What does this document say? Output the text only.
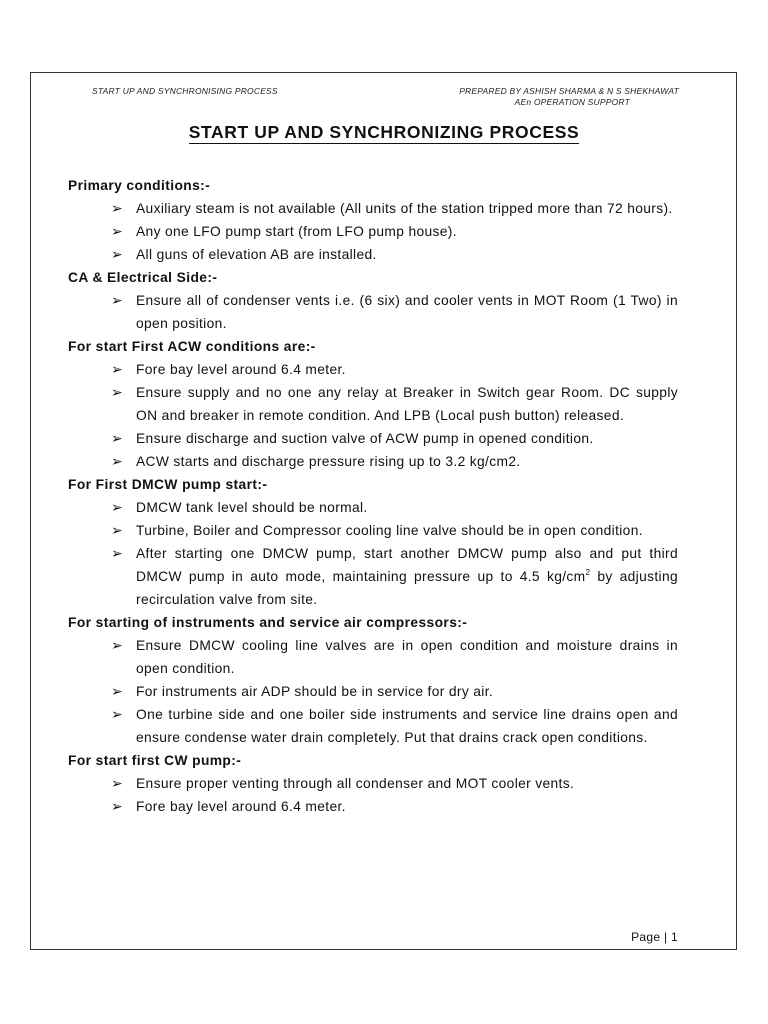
START UP AND SYNCHRONISING PROCESS	PREPARED BY ASHISH SHARMA & N S SHEKHAWAT
AEn OPERATION SUPPORT
START UP AND SYNCHRONIZING PROCESS
Primary conditions:-
➢ Auxiliary steam is not available (All units of the station tripped more than 72 hours).
➢ Any one LFO pump start (from LFO pump house).
➢ All guns of elevation AB are installed.
CA & Electrical Side:-
➢ Ensure all of condenser vents i.e. (6 six) and cooler vents in MOT Room (1 Two) in open position.
For start First ACW conditions are:-
➢ Fore bay level around 6.4 meter.
➢ Ensure supply and no one any relay at Breaker in Switch gear Room. DC supply ON and breaker in remote condition. And LPB (Local push button) released.
➢ Ensure discharge and suction valve of ACW pump in opened condition.
➢ ACW starts and discharge pressure rising up to 3.2 kg/cm2.
For First DMCW pump start:-
➢ DMCW tank level should be normal.
➢ Turbine, Boiler and Compressor cooling line valve should be in open condition.
➢ After starting one DMCW pump, start another DMCW pump also and put third DMCW pump in auto mode, maintaining pressure up to 4.5 $kg/cm^2$ by adjusting recirculation valve from site.
For starting of instruments and service air compressors:-
➢ Ensure DMCW cooling line valves are in open condition and moisture drains in open condition.
➢ For instruments air ADP should be in service for dry air.
➢ One turbine side and one boiler side instruments and service line drains open and ensure condense water drain completely. Put that drains crack open conditions.
For start first CW pump:-
➢ Ensure proper venting through all condenser and MOT cooler vents.
➢ Fore bay level around 6.4 meter.
Page | 1
